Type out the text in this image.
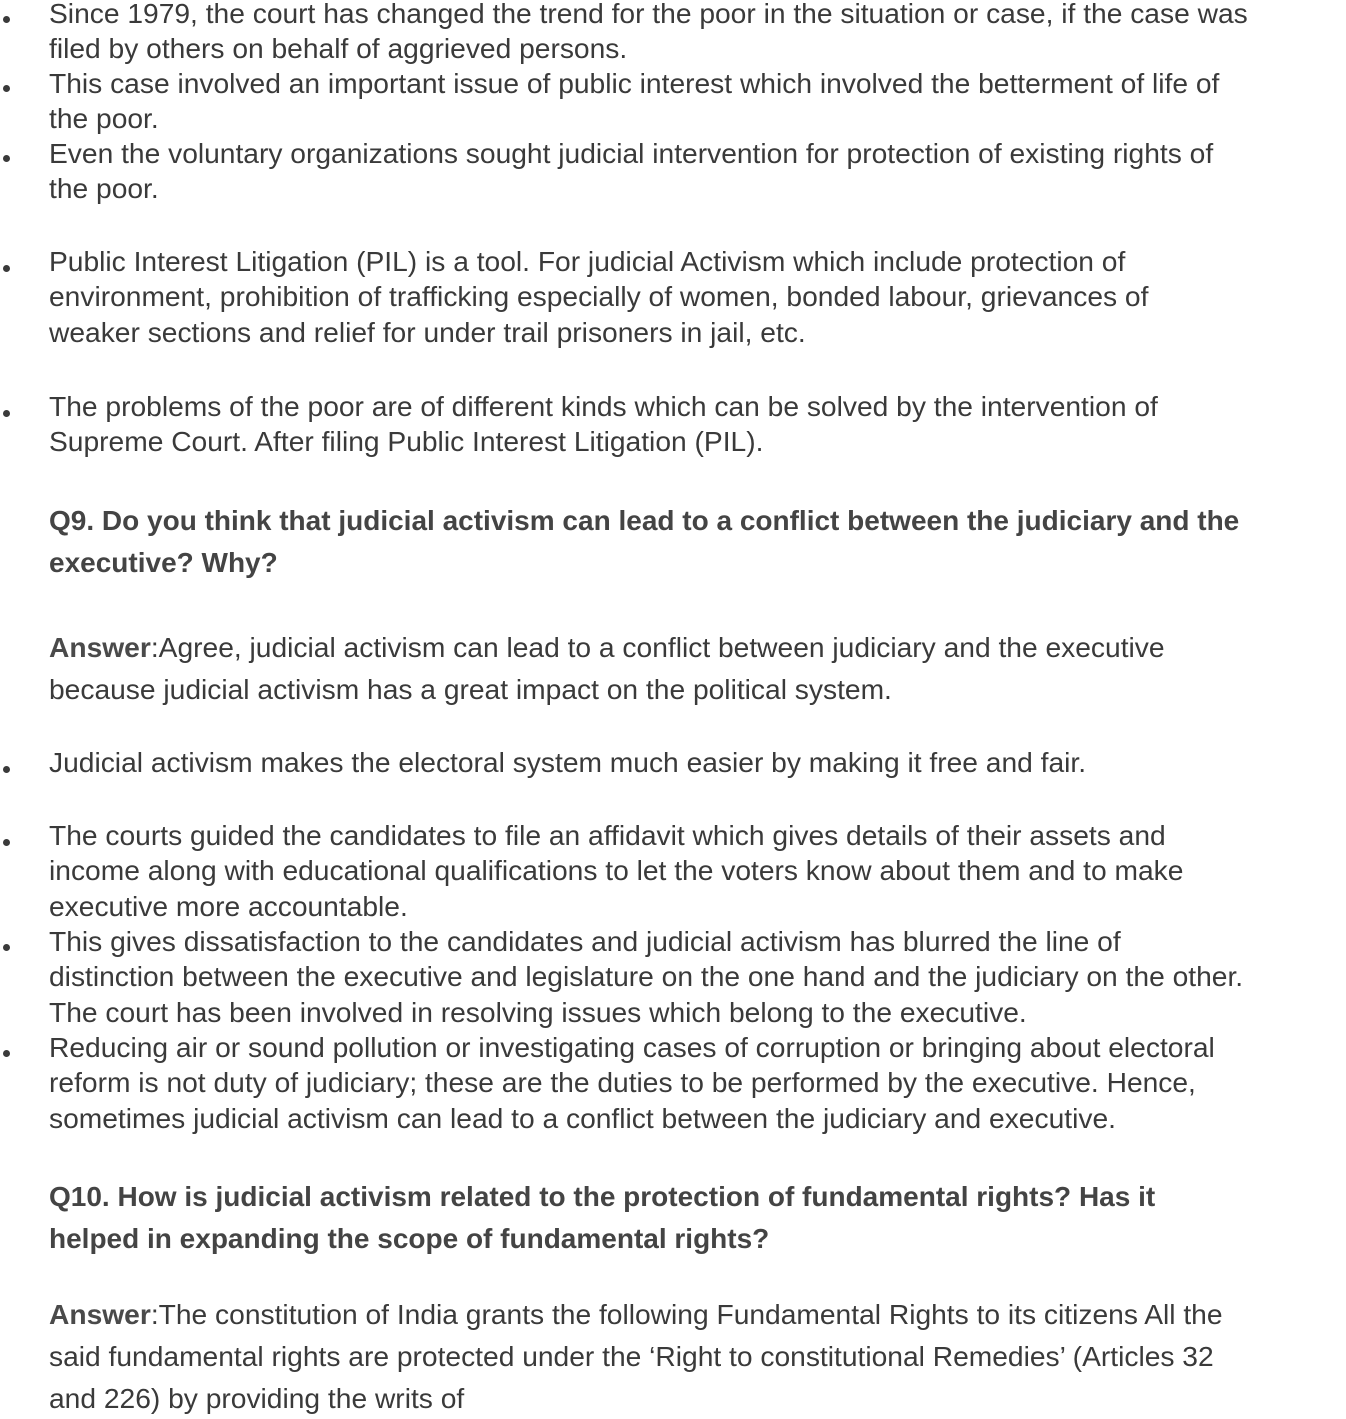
Since 1979, the court has changed the trend for the poor in the situation or case, if the case was
filed by others on behalf of aggrieved persons.
This case involved an important issue of public interest which involved the betterment of life of
the poor.
Even the voluntary organizations sought judicial intervention for protection of existing rights of
the poor.
Public Interest Litigation (PIL) is a tool. For judicial Activism which include protection of
environment, prohibition of trafficking especially of women, bonded labour, grievances of
weaker sections and relief for under trail prisoners in jail, etc.
The problems of the poor are of different kinds which can be solved by the intervention of
Supreme Court. After filing Public Interest Litigation (PIL).
Q9. Do you think that judicial activism can lead to a conflict between the judiciary and the
executive? Why?
Answer:Agree, judicial activism can lead to a conflict between judiciary and the executive
because judicial activism has a great impact on the political system.
Judicial activism makes the electoral system much easier by making it free and fair.
The courts guided the candidates to file an affidavit which gives details of their assets and
income along with educational qualifications to let the voters know about them and to make
executive more accountable.
This gives dissatisfaction to the candidates and judicial activism has blurred the line of
distinction between the executive and legislature on the one hand and the judiciary on the other.
The court has been involved in resolving issues which belong to the executive.
Reducing air or sound pollution or investigating cases of corruption or bringing about electoral
reform is not duty of judiciary; these are the duties to be performed by the executive. Hence,
sometimes judicial activism can lead to a conflict between the judiciary and executive.
Q10. How is judicial activism related to the protection of fundamental rights? Has it
helped in expanding the scope of fundamental rights?
Answer:The constitution of India grants the following Fundamental Rights to its citizens All the
said fundamental rights are protected under the ‘Right to constitutional Remedies’ (Articles 32
and 226) by providing the writs of
